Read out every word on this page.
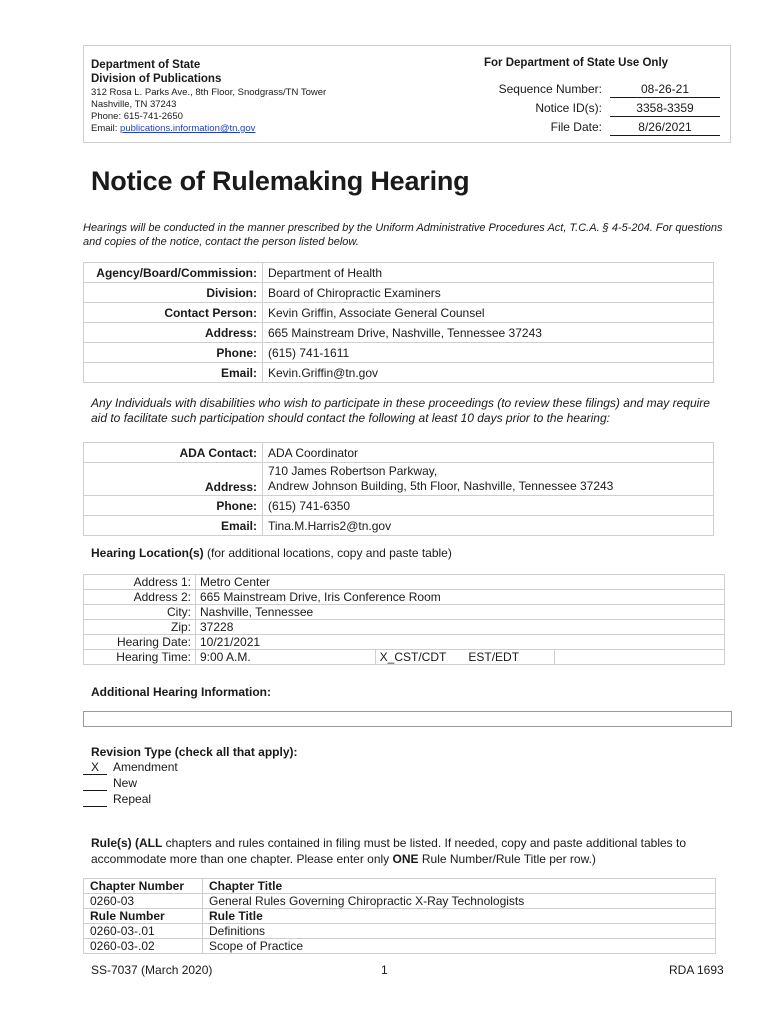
Department of State
Division of Publications
312 Rosa L. Parks Ave., 8th Floor, Snodgrass/TN Tower
Nashville, TN 37243
Phone: 615-741-2650
Email: publications.information@tn.gov
For Department of State Use Only
Sequence Number:	08-26-21
Notice ID(s):	3358-3359
File Date:	8/26/2021
Notice of Rulemaking Hearing
Hearings will be conducted in the manner prescribed by the Uniform Administrative Procedures Act, T.C.A. § 4-5-204. For questions and copies of the notice, contact the person listed below.
Agency/Board/Commission:	Department of Health
Division:	Board of Chiropractic Examiners
Contact Person:	Kevin Griffin, Associate General Counsel
Address:	665 Mainstream Drive, Nashville, Tennessee 37243
Phone:	(615) 741-1611
Email:	Kevin.Griffin@tn.gov
Any Individuals with disabilities who wish to participate in these proceedings (to review these filings) and may require aid to facilitate such participation should contact the following at least 10 days prior to the hearing:
ADA Contact:	ADA Coordinator
Address:	710 James Robertson Parkway,
Andrew Johnson Building, 5th Floor, Nashville, Tennessee 37243

Phone:	(615) 741-6350
Email:	Tina.M.Harris2@tn.gov
Hearing Location(s) (for additional locations, copy and paste table)
Address 1:	Metro Center		
Address 2:	665 Mainstream Drive, Iris Conference Room		
City:	Nashville, Tennessee		
Zip:	37228		
Hearing Date:	10/21/2021		
Hearing Time:	9:00 A.M.	X_CST/CDT EST/EDT	
Additional Hearing Information:
Revision Type (check all that apply):
X Amendment
New
Repeal
Rule(s) (ALL chapters and rules contained in filing must be listed. If needed, copy and paste additional tables to accommodate more than one chapter. Please enter only ONE Rule Number/Rule Title per row.)
Chapter Number	Chapter Title
0260-03	General Rules Governing Chiropractic X-Ray Technologists
Rule Number	Rule Title
0260-03-.01	Definitions
0260-03-.02	Scope of Practice
SS-7037 (March 2020)	1	RDA 1693
